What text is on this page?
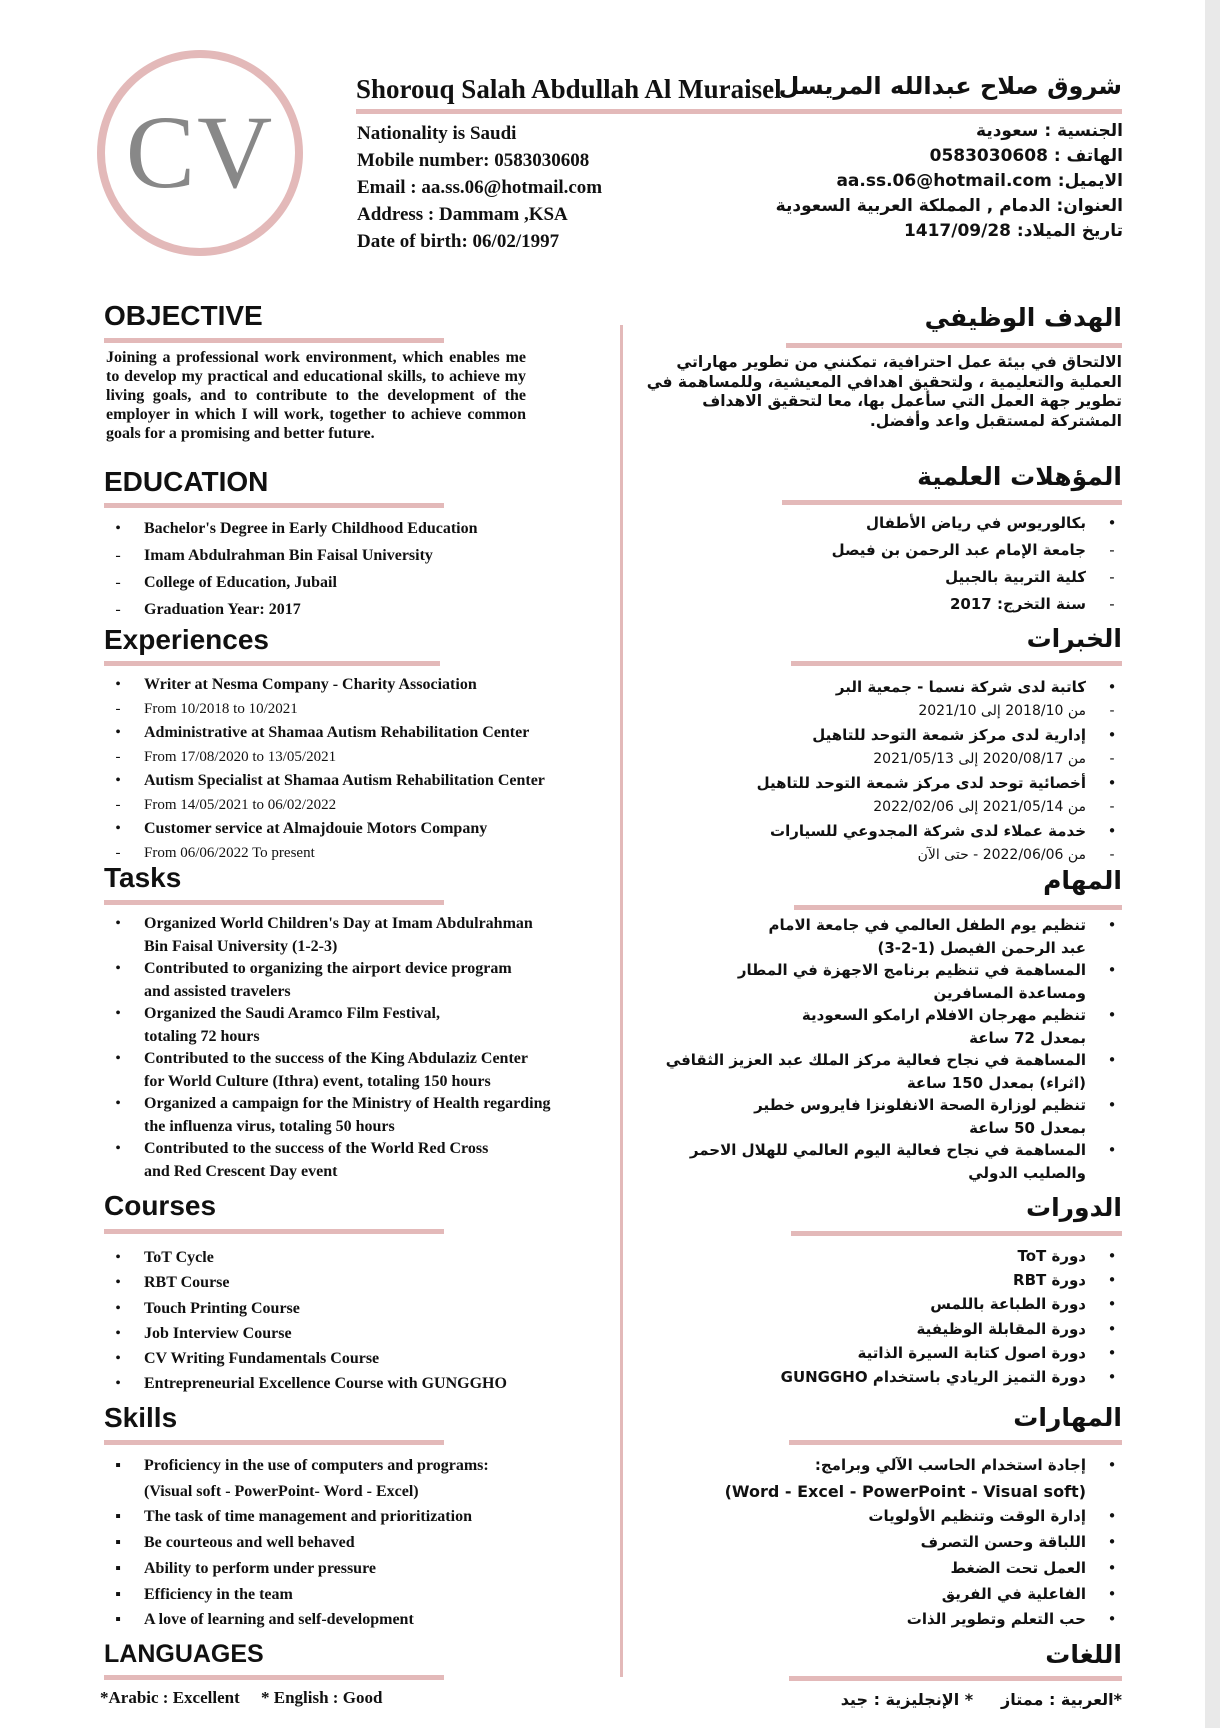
CV
Shorouq Salah Abdullah Al Muraisel
شروق صلاح عبدالله المريسل
Nationality is Saudi
Mobile number: 0583030608
Email : aa.ss.06@hotmail.com
Address : Dammam ,KSA
Date of birth: 06/02/1997
الجنسية : سعودية
الهاتف : 0583030608
الايميل: aa.ss.06@hotmail.com
العنوان: الدمام , المملكة العربية السعودية
تاريخ الميلاد: 1417/09/28
OBJECTIVE	الهدف الوظيفي
Joining a professional work environment, which enables me to develop my practical and educational skills, to achieve my living goals, and to contribute to the development of the employer in which I will work, together to achieve common goals for a promising and better future.
الالتحاق في بيئة عمل احترافية، تمكنني من تطوير مهاراتي العملية والتعليمية ، ولتحقيق اهدافي المعيشية، وللمساهمة في تطوير جهة العمل التي سأعمل بها، معا لتحقيق الاهداف المشتركة لمستقبل واعد وأفضل.
EDUCATION	المؤهلات العلمية
•	Bachelor's Degree in Early Childhood Education
-	Imam Abdulrahman Bin Faisal University
-	College of Education, Jubail
-	Graduation Year: 2017
•
بكالوريوس في رياض الأطفال
-
جامعة الإمام عبد الرحمن بن فيصل
-
كلية التربية بالجبيل
-
سنة التخرج: 2017
Experiences	الخبرات
•	Writer at Nesma Company - Charity Association
-	From 10/2018 to 10/2021
•	Administrative at Shamaa Autism Rehabilitation Center
-	From 17/08/2020 to 13/05/2021
•	Autism Specialist at Shamaa Autism Rehabilitation Center
-	From 14/05/2021 to 06/02/2022
•	Customer service at Almajdouie Motors Company
-	From 06/06/2022 To present
•
كاتبة لدى شركة نسما - جمعية البر
-
من 2018/10 إلى 2021/10
•
إدارية لدى مركز شمعة التوحد للتاهيل
-
من 2020/08/17 إلى 2021/05/13
•
أخصائية توحد لدى مركز شمعة التوحد للتاهيل
-
من 2021/05/14 إلى 2022/02/06
•
خدمة عملاء لدى شركة المجدوعي للسيارات
-
من 2022/06/06 - حتى الآن
Tasks	المهام
•	Organized World Children's Day at Imam Abdulrahman
Bin Faisal University (1-2-3)
•	Contributed to organizing the airport device program
and assisted travelers
•	Organized the Saudi Aramco Film Festival,
totaling 72 hours
•	Contributed to the success of the King Abdulaziz Center
for World Culture (Ithra) event, totaling 150 hours
•	Organized a campaign for the Ministry of Health regarding
the influenza virus, totaling 50 hours
•	Contributed to the success of the World Red Cross
and Red Crescent Day event
•
تنظيم يوم الطفل العالمي في جامعة الامام
عبد الرحمن الفيصل (1-2-3)
•
المساهمة في تنظيم برنامج الاجهزة في المطار
ومساعدة المسافرين
•
تنظيم مهرجان الافلام ارامكو السعودية
بمعدل 72 ساعة
•
المساهمة في نجاح فعالية مركز الملك عبد العزيز الثقافي
(اثراء) بمعدل 150 ساعة
•
تنظيم لوزارة الصحة الانفلونزا فايروس خطير
بمعدل 50 ساعة
•
المساهمة في نجاح فعالية اليوم العالمي للهلال الاحمر
والصليب الدولي
Courses	الدورات
•	ToT Cycle
•	RBT Course
•	Touch Printing Course
•	Job Interview Course
•	CV Writing Fundamentals Course
•	Entrepreneurial Excellence Course with GUNGGHO
•
دورة ToT
•
دورة RBT
•
دورة الطباعة باللمس
•
دورة المقابلة الوظيفية
•
دورة اصول كتابة السيرة الذاتية
•
دورة التميز الريادي باستخدام GUNGGHO
Skills	المهارات
▪	Proficiency in the use of computers and programs:
(Visual soft - PowerPoint- Word - Excel)
▪	The task of time management and prioritization
▪	Be courteous and well behaved
▪	Ability to perform under pressure
▪	Efficiency in the team
▪	A love of learning and self-development
•
إجادة استخدام الحاسب الآلي وبرامج:
(Word - Excel - PowerPoint - Visual soft)
•
إدارة الوقت وتنظيم الأولويات
•
اللباقة وحسن التصرف
•
العمل تحت الضغط
•
الفاعلية في الفريق
•
حب التعلم وتطوير الذات
LANGUAGES	اللغات
*Arabic : Excellent     * English : Good	*العربية : ممتاز     * الإنجليزية : جيد
